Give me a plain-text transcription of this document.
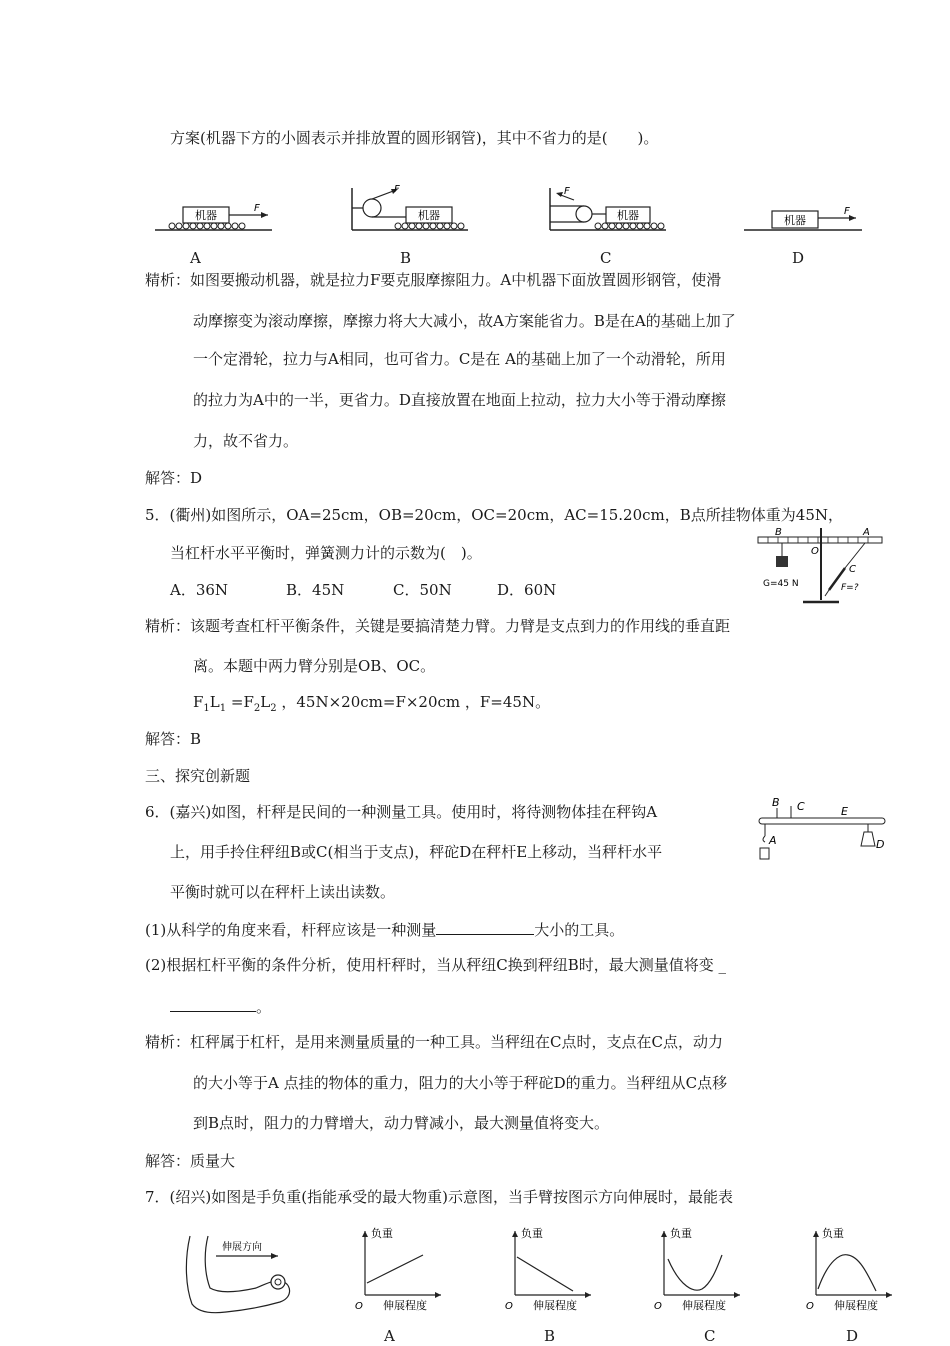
方案(机器下方的小圆表示并排放置的圆形钢管)，其中不省力的是(　　)。
机器
F
A
F
机器
B
F
机器
C
机器
F
D
精析：如图要搬动机器，就是拉力F要克服摩擦阻力。A中机器下面放置圆形钢管，使滑
动摩擦变为滚动摩擦，摩擦力将大大减小，故A方案能省力。B是在A的基础上加了
一个定滑轮，拉力与A相同，也可省力。C是在 A的基础上加了一个动滑轮，所用
的拉力为A中的一半，更省力。D直接放置在地面上拉动，拉力大小等于滑动摩擦
力，故不省力。
解答：D
5．(衢州)如图所示，OA=25cm，OB=20cm，OC=20cm，AC=15.20cm，B点所挂物体重为45N，
当杠杆水平平衡时，弹簧测力计的示数为(　)。
A．36N	B．45N	C．50N	D．60N
B
O
A
C
G=45 N	F=?
精析：该题考查杠杆平衡条件，关键是要搞清楚力臂。力臂是支点到力的作用线的垂直距
离。本题中两力臂分别是OB、OC。
$F_1L_1 =F_2L_2$ ，45N×20cm=F×20cm ，F=45N。
解答：B
三、探究创新题
6．(嘉兴)如图，杆秤是民间的一种测量工具。使用时，将待测物体挂在秤钩A
上，用手拎住秤纽B或C(相当于支点)，秤砣D在秤杆E上移动，当秤杆水平
平衡时就可以在秤杆上读出读数。
B C	E
A	D
(1)从科学的角度来看，杆秤应该是一种测量	大小的工具。
(2)根据杠杆平衡的条件分析，使用杆秤时，当从秤纽C换到秤纽B时，最大测量值将变 _
。
精析：杠秤属于杠杆，是用来测量质量的一种工具。当秤纽在C点时，支点在C点，动力
的大小等于A 点挂的物体的重力，阻力的大小等于秤砣D的重力。当秤纽从C点移
到B点时，阻力的力臂增大，动力臂减小，最大测量值将变大。
解答：质量大
7．(绍兴)如图是手负重(指能承受的最大物重)示意图，当手臂按图示方向伸展时，最能表
伸展方向
负重
O 伸展程度
A
负重
O 伸展程度
B
负重
O 伸展程度
C
负重
O 伸展程度
D
